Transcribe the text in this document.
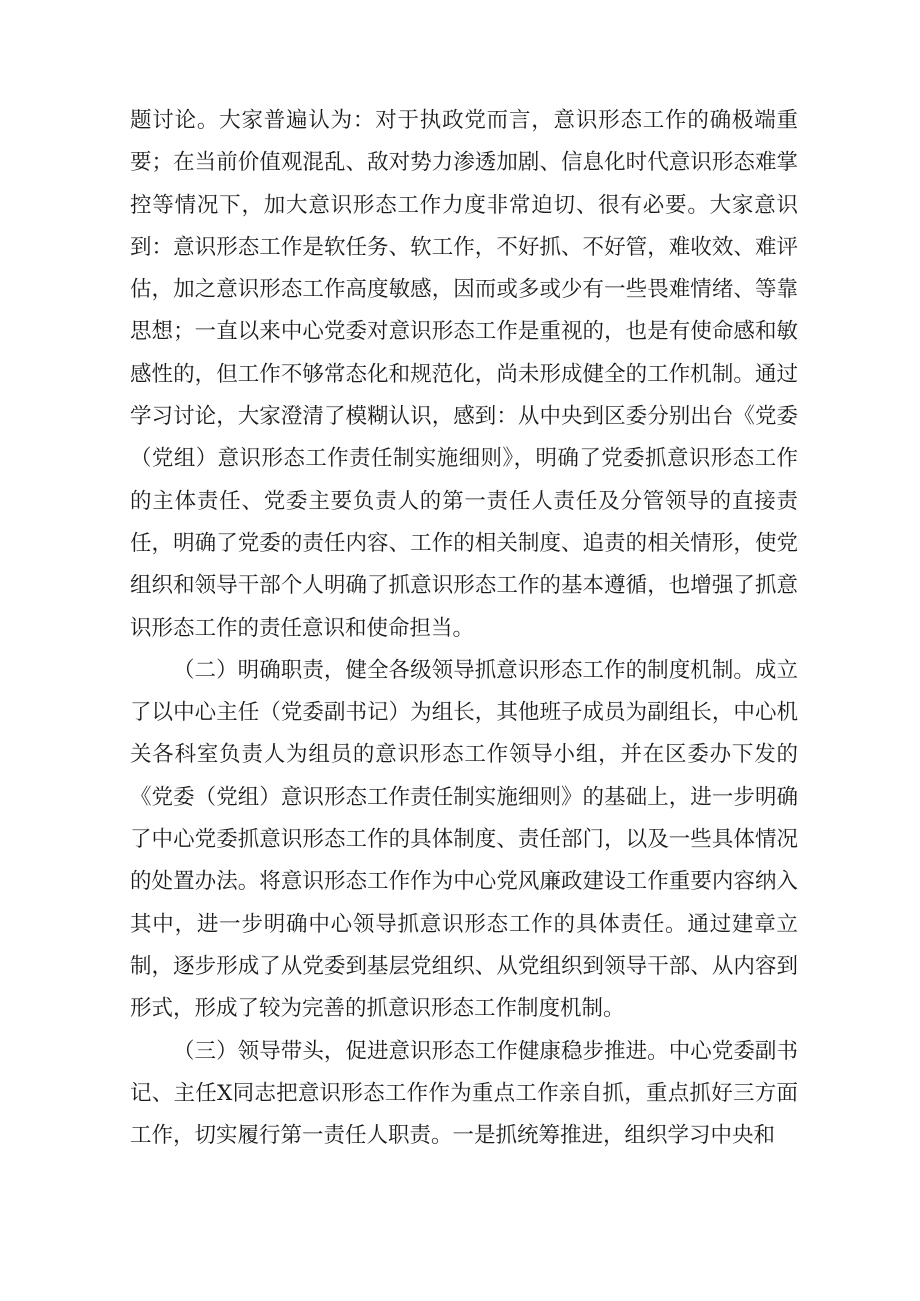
题讨论。大家普遍认为：对于执政党而言，意识形态工作的确极端重要；在当前价值观混乱、敌对势力渗透加剧、信息化时代意识形态难掌控等情况下，加大意识形态工作力度非常迫切、很有必要。大家意识到：意识形态工作是软任务、软工作，不好抓、不好管，难收效、难评估，加之意识形态工作高度敏感，因而或多或少有一些畏难情绪、等靠思想；一直以来中心党委对意识形态工作是重视的，也是有使命感和敏感性的，但工作不够常态化和规范化，尚未形成健全的工作机制。通过学习讨论，大家澄清了模糊认识，感到：从中央到区委分别出台《党委（党组）意识形态工作责任制实施细则》，明确了党委抓意识形态工作的主体责任、党委主要负责人的第一责任人责任及分管领导的直接责任，明确了党委的责任内容、工作的相关制度、追责的相关情形，使党组织和领导干部个人明确了抓意识形态工作的基本遵循，也增强了抓意识形态工作的责任意识和使命担当。

（二）明确职责，健全各级领导抓意识形态工作的制度机制。成立了以中心主任（党委副书记）为组长，其他班子成员为副组长，中心机关各科室负责人为组员的意识形态工作领导小组，并在区委办下发的《党委（党组）意识形态工作责任制实施细则》的基础上，进一步明确了中心党委抓意识形态工作的具体制度、责任部门，以及一些具体情况的处置办法。将意识形态工作作为中心党风廉政建设工作重要内容纳入其中，进一步明确中心领导抓意识形态工作的具体责任。通过建章立制，逐步形成了从党委到基层党组织、从党组织到领导干部、从内容到形式，形成了较为完善的抓意识形态工作制度机制。

（三）领导带头，促进意识形态工作健康稳步推进。中心党委副书记、主任X同志把意识形态工作作为重点工作亲自抓，重点抓好三方面工作，切实履行第一责任人职责。一是抓统筹推进，组织学习中央和
